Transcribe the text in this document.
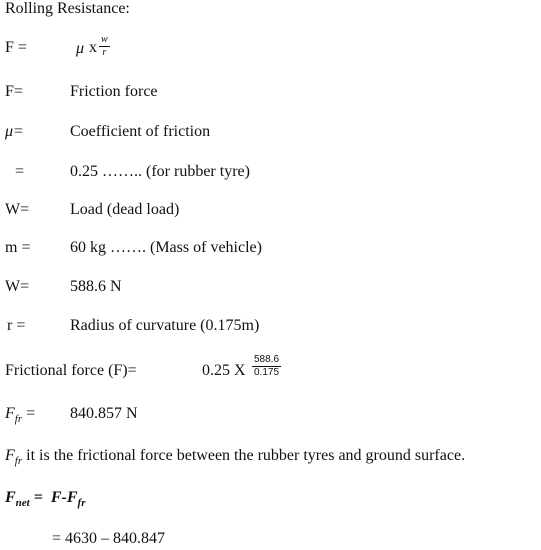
Rolling Resistance:
F =	μ x $\frac{w}{r}$
F=	Friction force
μ=	Coefficient of friction
=	0.25 …….. (for rubber tyre)
W=	Load (dead load)
m = 60 kg ……. (Mass of vehicle)
W=	588.6 N
r =	Radius of curvature (0.175m)
Frictional force (F)=	0.25 X $\frac{588.6}{0.175}$
$F_{fr} = 840.857$ N
$F_{fr}$ it is the frictional force between the rubber tyres and ground surface.
$F_{net} = F-F_{fr}$
= 4630 – 840.847
